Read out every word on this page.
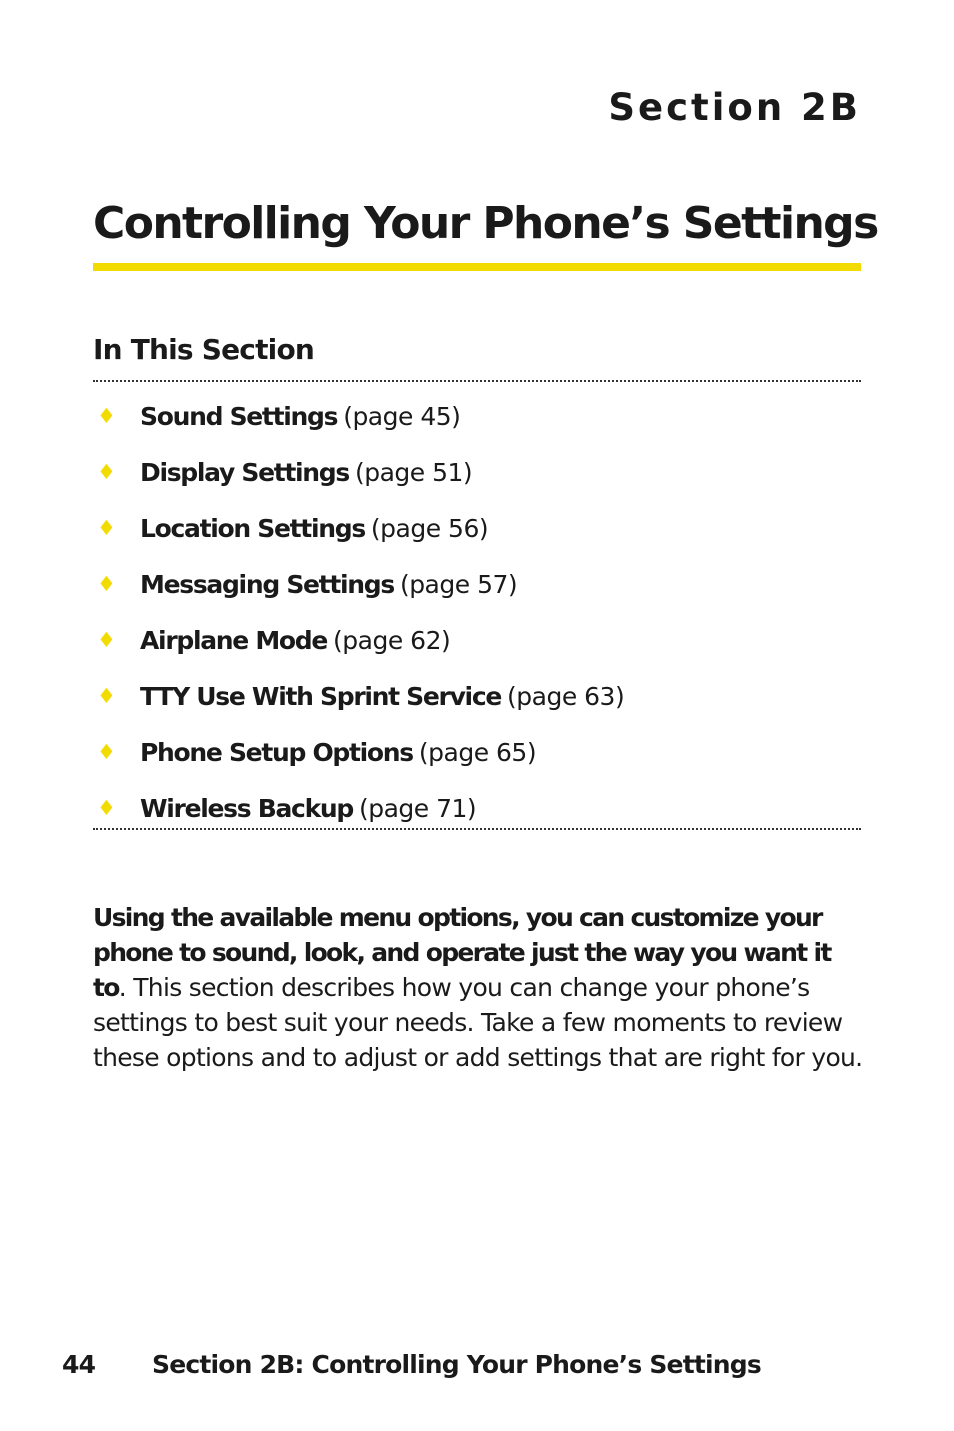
Section 2B
Controlling Your Phone’s Settings
In This Section
♦ Sound Settings (page 45)
♦ Display Settings (page 51)
♦ Location Settings (page 56)
♦ Messaging Settings (page 57)
♦ Airplane Mode (page 62)
♦ TTY Use With Sprint Service (page 63)
♦ Phone Setup Options (page 65)
♦ Wireless Backup (page 71)

Using the available menu options, you can customize your phone to sound, look, and operate just the way you want it to. This section describes how you can change your phone’s settings to best suit your needs. Take a few moments to review these options and to adjust or add settings that are right for you.

44 Section 2B: Controlling Your Phone’s Settings
